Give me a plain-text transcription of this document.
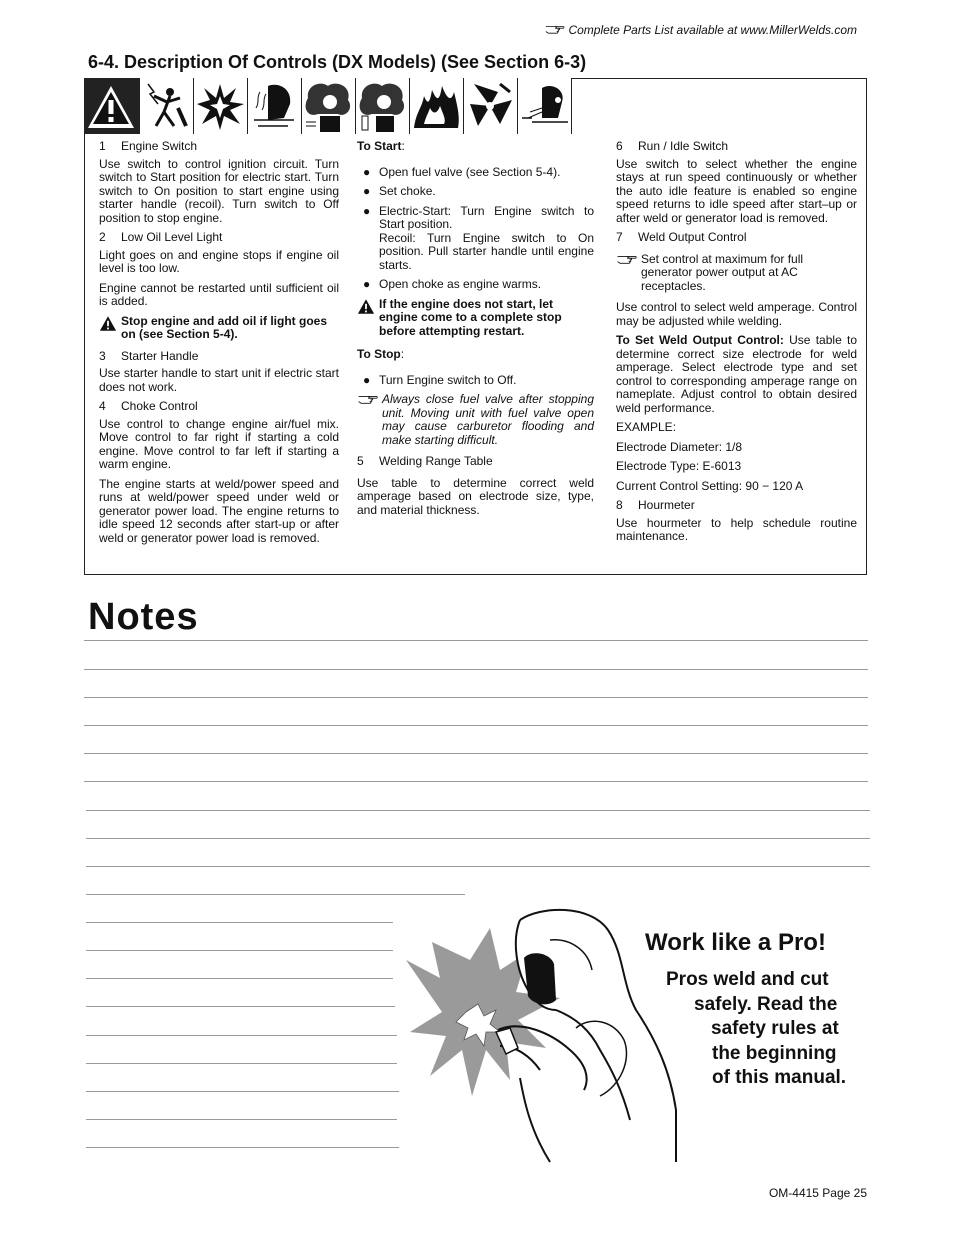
Complete Parts List available at www.MillerWelds.com
6-4. Description Of Controls (DX Models) (See Section 6-3)
1 Engine Switch

Use switch to control ignition circuit. Turn switch to Start position for electric start. Turn switch to On position to start engine using starter handle (recoil). Turn switch to Off position to stop engine.

2 Low Oil Level Light

Light goes on and engine stops if engine oil level is too low.

Engine cannot be restarted until sufficient oil is added.

Stop engine and add oil if light goes on (see Section 5-4).
3 Starter Handle

Use starter handle to start unit if electric start does not work.

4 Choke Control

Use control to change engine air/fuel mix. Move control to far right if starting a cold engine. Move control to far left if starting a warm engine.

The engine starts at weld/power speed and runs at weld/power speed under weld or generator power load. The engine returns to idle speed 12 seconds after start-up or after weld or generator power load is removed.

To Start:

● Open fuel valve (see Section 5-4).
● Set choke.
● Electric-Start: Turn Engine switch to Start position.
Recoil: Turn Engine switch to On position. Pull starter handle until engine starts.
● Open choke as engine warms.
If the engine does not start, let engine come to a complete stop before attempting restart.

To Stop:

● Turn Engine switch to Off.
Always close fuel valve after stopping unit. Moving unit with fuel valve open may cause carburetor flooding and make starting difficult.
5 Welding Range Table

Use table to determine correct weld amperage based on electrode size, type, and material thickness.

6 Run / Idle Switch

Use switch to select whether the engine stays at run speed continuously or whether the auto idle feature is enabled so engine speed returns to idle speed after start–up or after weld or generator load is removed.

7 Weld Output Control
Set control at maximum for full generator power output at AC receptacles.

Use control to select weld amperage. Control may be adjusted while welding.

To Set Weld Output Control: Use table to determine correct size electrode for weld amperage. Select electrode type and set control to corresponding amperage range on nameplate. Adjust control to obtain desired weld performance.

EXAMPLE:

Electrode Diameter: 1/8

Electrode Type: E-6013

Current Control Setting: 90 − 120 A

8 Hourmeter

Use hourmeter to help schedule routine maintenance.

Notes
Work like a Pro!
Pros weld and cut
safely. Read the
safety rules at
the beginning
of this manual.
OM-4415 Page 25
